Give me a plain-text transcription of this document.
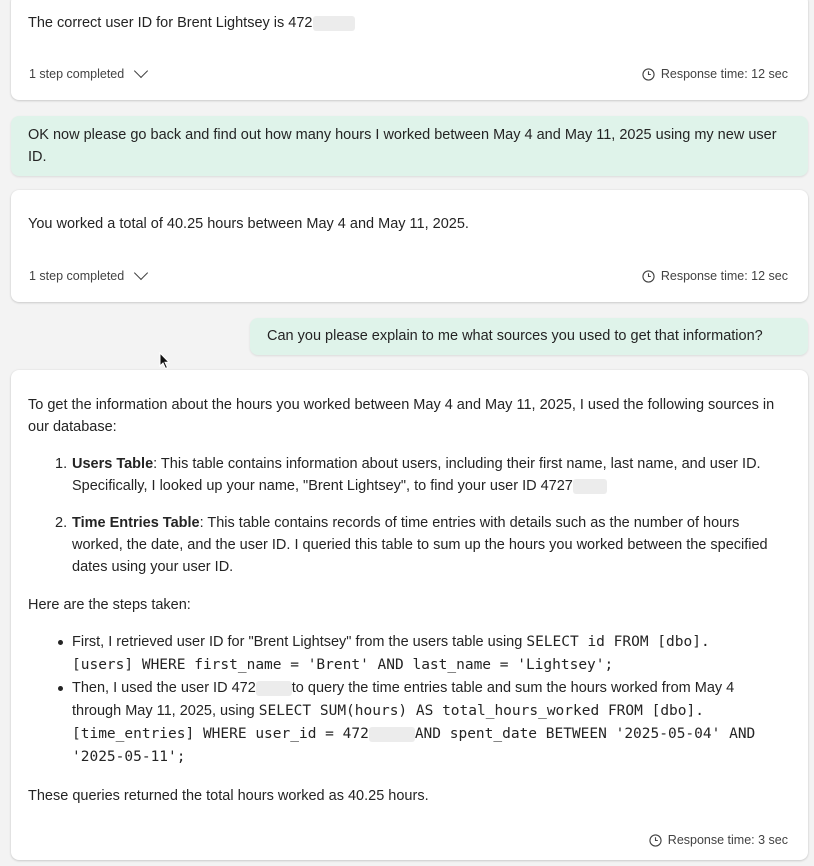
The correct user ID for Brent Lightsey is 472
1 step completed	Response time: 12 sec
OK now please go back and find out how many hours I worked between May 4 and May 11, 2025 using my new user ID.
You worked a total of 40.25 hours between May 4 and May 11, 2025.
1 step completed	Response time: 12 sec
Can you please explain to me what sources you used to get that information?
To get the information about the hours you worked between May 4 and May 11, 2025, I used the following sources in our database:
1. Users Table: This table contains information about users, including their first name, last name, and user ID. Specifically, I looked up your name, "Brent Lightsey", to find your user ID 4727
2. Time Entries Table: This table contains records of time entries with details such as the number of hours worked, the date, and the user ID. I queried this table to sum up the hours you worked between the specified dates using your user ID.
Here are the steps taken:
First, I retrieved user ID for "Brent Lightsey" from the users table using SELECT id FROM [dbo].[users] WHERE first_name = 'Brent' AND last_name = 'Lightsey';
Then, I used the user ID 472 to query the time entries table and sum the hours worked from May 4 through May 11, 2025, using SELECT SUM(hours) AS total_hours_worked FROM [dbo].[time_entries] WHERE user_id = 472	AND spent_date BETWEEN '2025-05-04' AND '2025-05-11';
These queries returned the total hours worked as 40.25 hours.
Response time: 3 sec
